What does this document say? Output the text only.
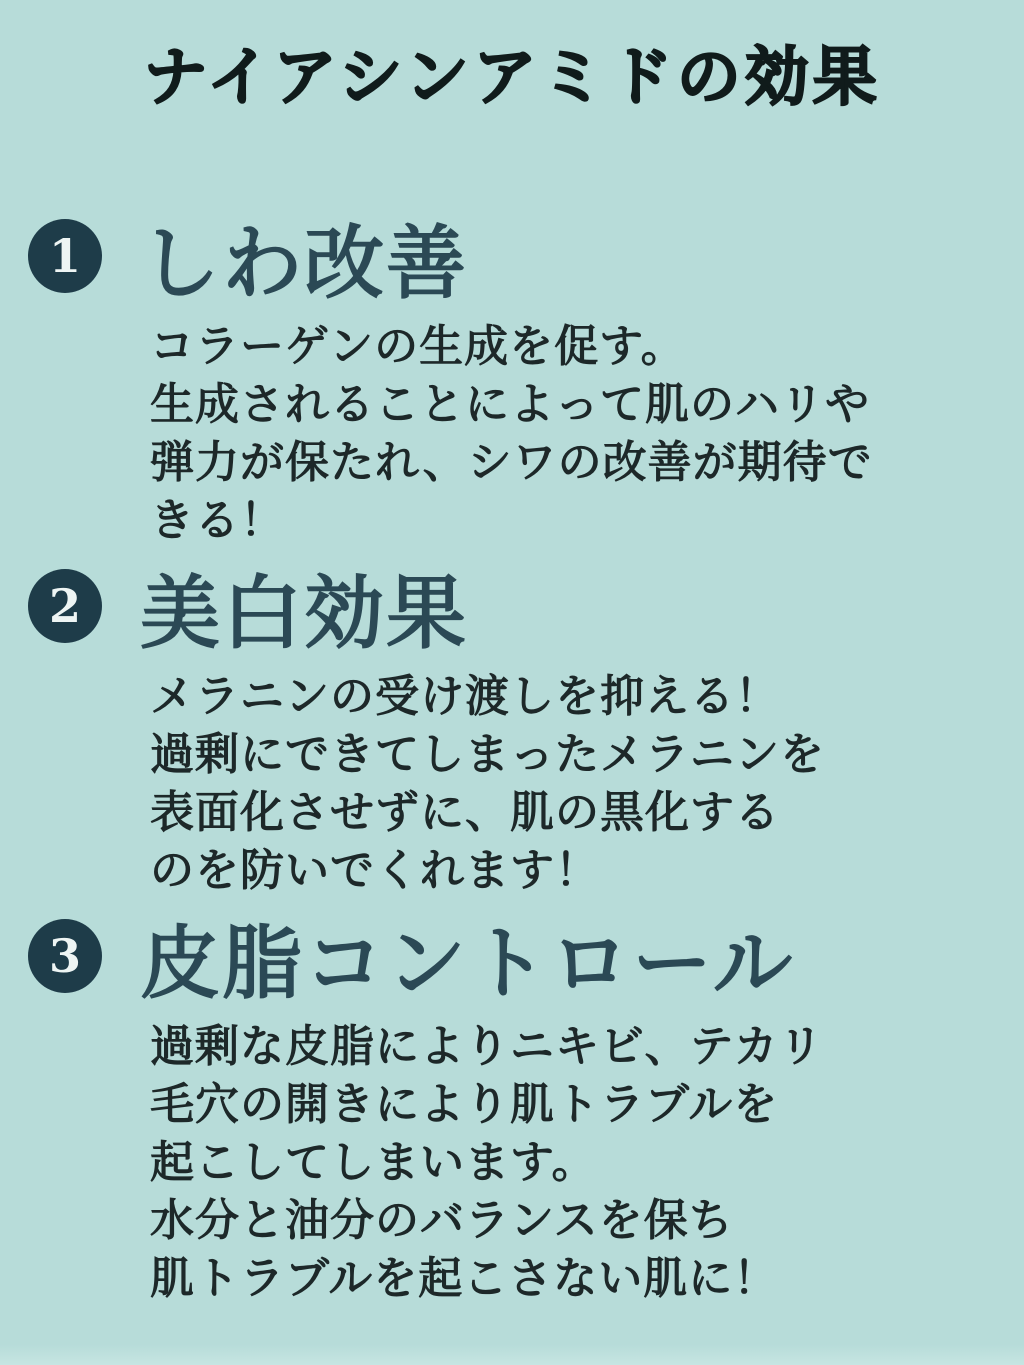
ナイアシンアミドの効果
1 しわ改善
コラーゲンの生成を促す。
生成されることによって肌のハリや
弾力が保たれ、シワの改善が期待で
きる！
2 美白効果
メラニンの受け渡しを抑える！
過剰にできてしまったメラニンを
表面化させずに、肌の黒化する
のを防いでくれます！
3 皮脂コントロール
過剰な皮脂によりニキビ、テカリ
毛穴の開きにより肌トラブルを
起こしてしまいます。
水分と油分のバランスを保ち
肌トラブルを起こさない肌に！
